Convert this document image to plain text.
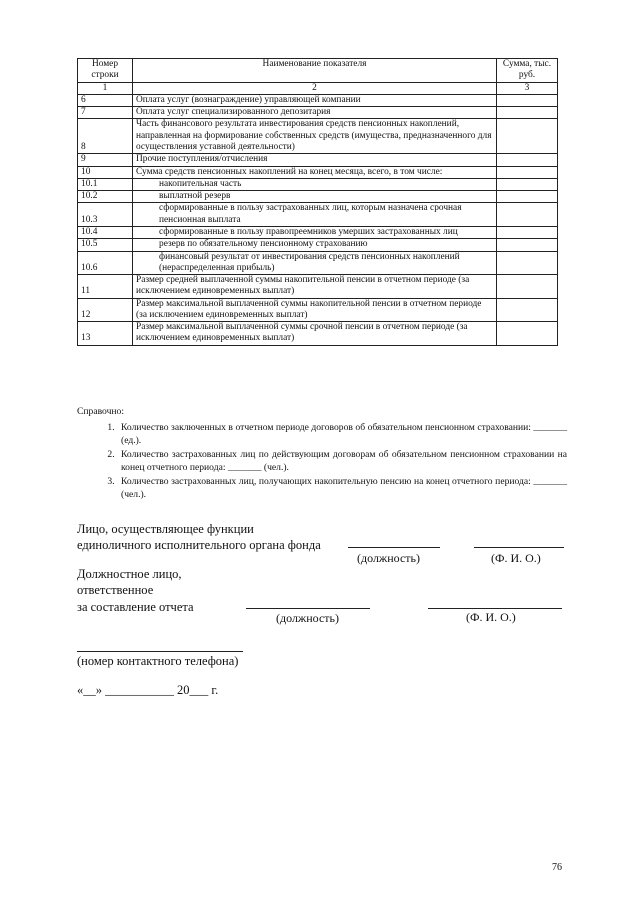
Номер строки	Наименование показателя	Сумма, тыс. руб.
1	2	3
6	Оплата услуг (вознаграждение) управляющей компании	
7	Оплата услуг специализированного депозитария	
8	Часть финансового результата инвестирования средств пенсионных накоплений, направленная на формирование собственных средств (имущества, предназначенного для осуществления уставной деятельности)	
9	Прочие поступления/отчисления	
10	Сумма средств пенсионных накоплений на конец месяца, всего, в том числе:	
10.1	накопительная часть	
10.2	выплатной резерв	
10.3	сформированные в пользу застрахованных лиц, которым назначена срочная пенсионная выплата	
10.4	сформированные в пользу правопреемников умерших застрахованных лиц	
10.5	резерв по обязательному пенсионному страхованию	
10.6	финансовый результат от инвестирования средств пенсионных накоплений (нераспределенная прибыль)	
11	Размер средней выплаченной суммы накопительной пенсии в отчетном периоде (за исключением единовременных выплат)	
12	Размер максимальной выплаченной суммы накопительной пенсии в отчетном периоде (за исключением единовременных выплат)	
13	Размер максимальной выплаченной суммы срочной пенсии в отчетном периоде (за исключением единовременных выплат)	
Справочно:
1. Количество заключенных в отчетном периоде договоров об обязательном пенсионном страховании: _______ (ед.).
2. Количество застрахованных лиц по действующим договорам об обязательном пенсионном страховании на конец отчетного периода: _______ (чел.).
3. Количество застрахованных лиц, получающих накопительную пенсию на конец отчетного периода: _______ (чел.).
Лицо, осуществляющее функции
единоличного исполнительного органа фонда
(должность)	(Ф. И. О.)
Должностное лицо,
ответственное
за составление отчета
(должность)	(Ф. И. О.)
(номер контактного телефона)
«__» ___________ 20___ г.
76
